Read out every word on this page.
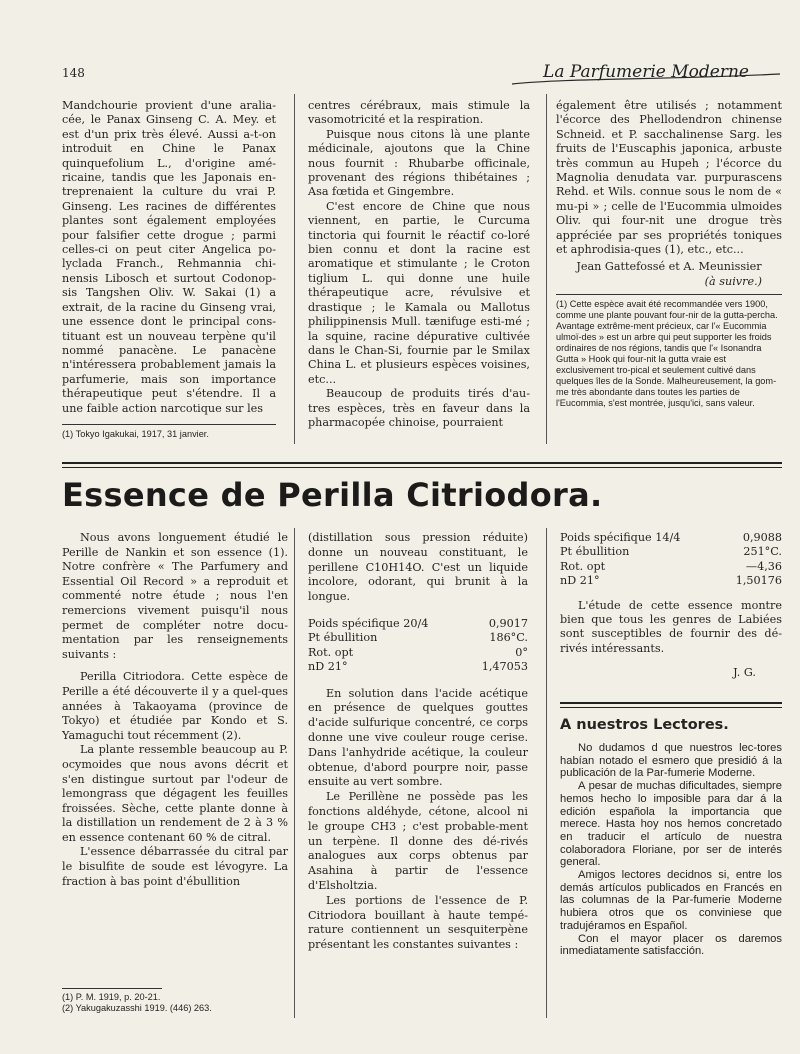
148	La Parfumerie Moderne

Mandchourie provient d'une aralia-cée, le Panax Ginseng C. A. Mey. et est d'un prix très élevé. Aussi a-t-on introduit en Chine le Panax quinquefolium L., d'origine amé-ricaine, tandis que les Japonais en-treprenaient la culture du vrai P. Ginseng. Les racines de différentes plantes sont également employées pour falsifier cette drogue ; parmi celles-ci on peut citer Angelica po-lyclada Franch., Rehmannia chi-nensis Libosch et surtout Codonop-sis Tangshen Oliv. W. Sakai (1) a extrait, de la racine du Ginseng vrai, une essence dont le principal cons-tituant est un nouveau terpène qu'il nommé panacène. Le panacène n'intéressera probablement jamais la parfumerie, mais son importance thérapeutique peut s'étendre. Il a une faible action narcotique sur les

(1) Tokyo Igakukai, 1917, 31 janvier.

centres cérébraux, mais stimule la vasomotricité et la respiration.

Puisque nous citons là une plante médicinale, ajoutons que la Chine nous fournit : Rhubarbe officinale, provenant des régions thibétaines ; Asa fœtida et Gingembre.

C'est encore de Chine que nous viennent, en partie, le Curcuma tinctoria qui fournit le réactif co-loré bien connu et dont la racine est aromatique et stimulante ; le Croton tiglium L. qui donne une huile thérapeutique acre, révulsive et drastique ; le Kamala ou Mallotus philippinensis Mull. tænifuge esti-mé ; la squine, racine dépurative cultivée dans le Chan-Si, fournie par le Smilax China L. et plusieurs espèces voisines, etc...

Beaucoup de produits tirés d'au-tres espèces, très en faveur dans la pharmacopée chinoise, pourraient

également être utilisés ; notamment l'écorce des Phellodendron chinense Schneid. et P. sacchalinense Sarg. les fruits de l'Euscaphis japonica, arbuste très commun au Hupeh ; l'écorce du Magnolia denudata var. purpurascens Rehd. et Wils. connue sous le nom de « mu-pi » ; celle de l'Eucommia ulmoides Oliv. qui four-nit une drogue très appréciée par ses propriétés toniques et aphrodisia-ques (1), etc., etc...

Jean Gattefossé et A. Meunissier
(à suivre.)
(1) Cette espèce avait été recommandée vers 1900, comme une plante pouvant four-nir de la gutta-percha. Avantage extrême-ment précieux, car l'« Eucommia ulmoï-des » est un arbre qui peut supporter les froids ordinaires de nos régions, tandis que l'« Isonandra Gutta » Hook qui four-nit la gutta vraie est exclusivement tro-pical et seulement cultivé dans quelques îles de la Sonde. Malheureusement, la gom-me très abondante dans toutes les parties de l'Eucommia, s'est montrée, jusqu'ici, sans valeur.
Essence de Perilla Citriodora.

Nous avons longuement étudié le Perille de Nankin et son essence (1). Notre confrère « The Parfumery and Essential Oil Record » a reproduit et commenté notre étude ; nous l'en remercions vivement puisqu'il nous permet de compléter notre docu-mentation par les renseignements suivants :

Perilla Citriodora. Cette espèce de Perille a été découverte il y a quel-ques années à Takaoyama (province de Tokyo) et étudiée par Kondo et S. Yamaguchi tout récemment (2).

La plante ressemble beaucoup au P. ocymoides que nous avons décrit et s'en distingue surtout par l'odeur de lemongrass que dégagent les feuilles froissées. Sèche, cette plante donne à la distillation un rendement de 2 à 3 % en essence contenant 60 % de citral.

L'essence débarrassée du citral par le bisulfite de soude est lévogyre. La fraction à bas point d'ébullition

(1) P. M. 1919, p. 20-21.
(2) Yakugakuzasshi 1919. (446) 263.

(distillation sous pression réduite) donne un nouveau constituant, le perillene C10H14O. C'est un liquide incolore, odorant, qui brunit à la longue.

Poids spécifique 20/4	0,9017
Pt ébullition	186°C.
Rot. opt	0°
nD 21°	1,47053

En solution dans l'acide acétique en présence de quelques gouttes d'acide sulfurique concentré, ce corps donne une vive couleur rouge cerise. Dans l'anhydride acétique, la couleur obtenue, d'abord pourpre noir, passe ensuite au vert sombre.

Le Perillène ne possède pas les fonctions aldéhyde, cétone, alcool ni le groupe CH3 ; c'est probable-ment un terpène. Il donne des dé-rivés analogues aux corps obtenus par Asahina à partir de l'essence d'Elsholtzia.

Les portions de l'essence de P. Citriodora bouillant à haute tempé-rature contiennent un sesquiterpène présentant les constantes suivantes :

Poids spécifique 14/4	0,9088
Pt ébullition	251°C.
Rot. opt	—4,36
nD 21°	1,50176

L'étude de cette essence montre bien que tous les genres de Labiées sont susceptibles de fournir des dé-rivés intéressants.

J. G.
A nuestros Lectores.

No dudamos d que nuestros lec-tores habían notado el esmero que presidió á la publicación de la Par-fumerie Moderne.

A pesar de muchas dificultades, siempre hemos hecho lo imposible para dar á la edición española la importancia que merece. Hasta hoy nos hemos concretado en traducir el artículo de nuestra colaboradora Floriane, por ser de interés general.

Amigos lectores decidnos si, entre los demás artículos publicados en Francés en las columnas de la Par-fumerie Moderne hubiera otros que os conviniese que tradujéramos en Español.

Con el mayor placer os daremos inmediatamente satisfacción.
